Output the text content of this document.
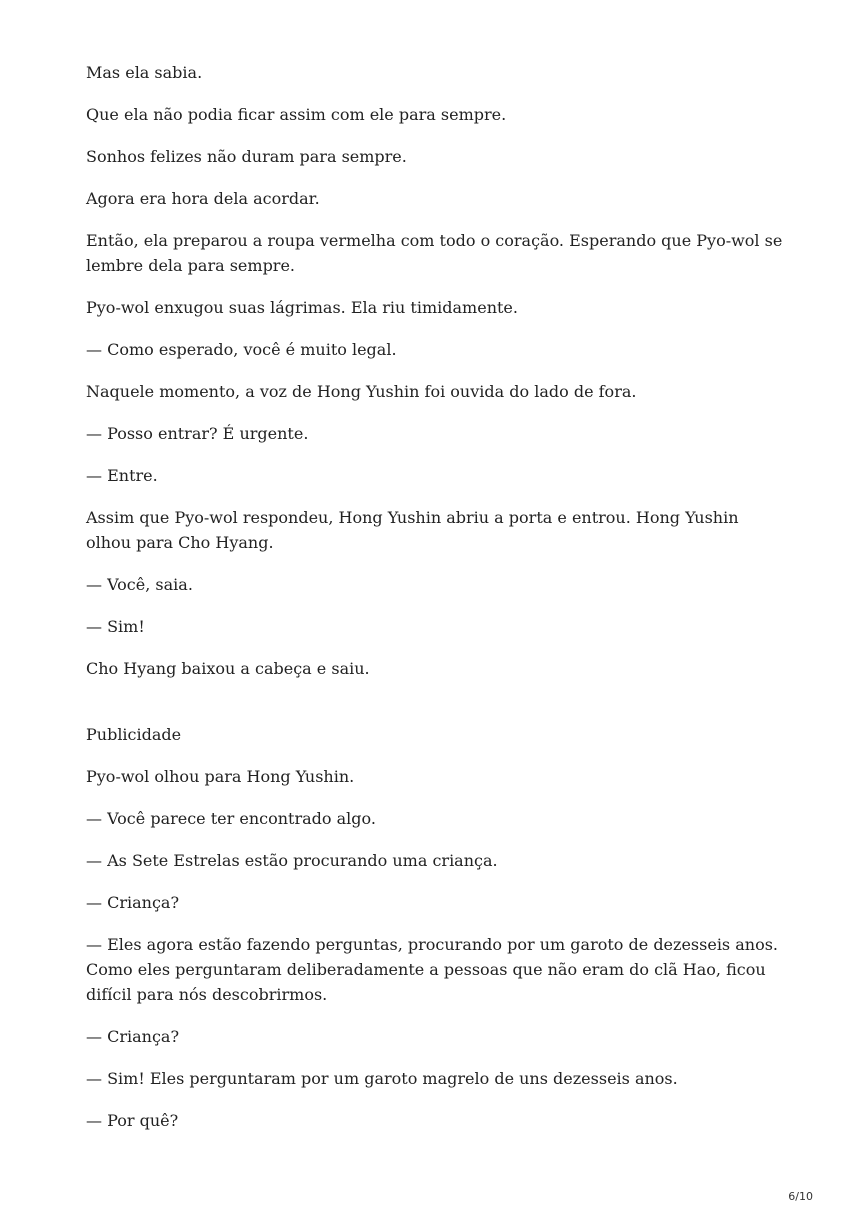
Mas ela sabia.

Que ela não podia ficar assim com ele para sempre.

Sonhos felizes não duram para sempre.

Agora era hora dela acordar.

Então, ela preparou a roupa vermelha com todo o coração. Esperando que Pyo-wol se lembre dela para sempre.

Pyo-wol enxugou suas lágrimas. Ela riu timidamente.

— Como esperado, você é muito legal.

Naquele momento, a voz de Hong Yushin foi ouvida do lado de fora.

— Posso entrar? É urgente.

— Entre.

Assim que Pyo-wol respondeu, Hong Yushin abriu a porta e entrou. Hong Yushin olhou para Cho Hyang.

— Você, saia.

— Sim!

Cho Hyang baixou a cabeça e saiu.

Publicidade

Pyo-wol olhou para Hong Yushin.

— Você parece ter encontrado algo.

— As Sete Estrelas estão procurando uma criança.

— Criança?

— Eles agora estão fazendo perguntas, procurando por um garoto de dezesseis anos. Como eles perguntaram deliberadamente a pessoas que não eram do clã Hao, ficou difícil para nós descobrirmos.

— Criança?

— Sim! Eles perguntaram por um garoto magrelo de uns dezesseis anos.

— Por quê?

6/10
